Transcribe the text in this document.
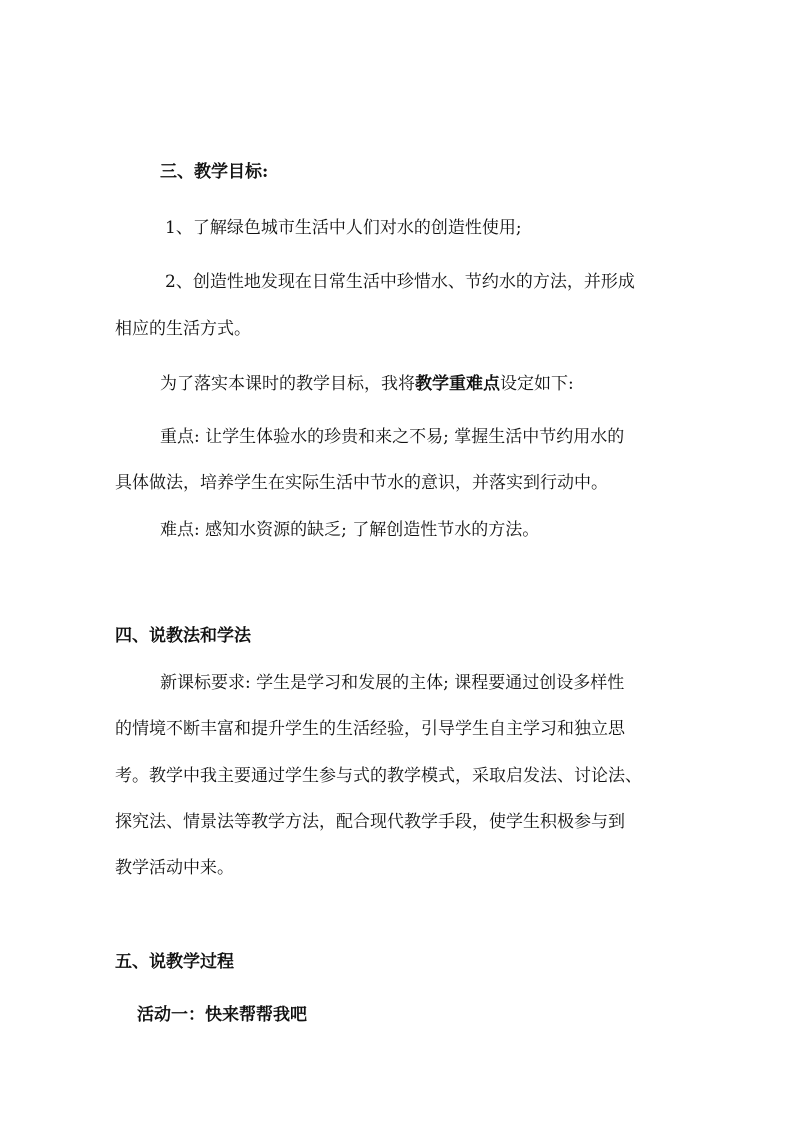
三、教学目标:
1、了解绿色城市生活中人们对水的创造性使用;
2、创造性地发现在日常生活中珍惜水、节约水的方法，并形成
相应的生活方式。
为了落实本课时的教学目标，我将教学重难点设定如下:
重点: 让学生体验水的珍贵和来之不易; 掌握生活中节约用水的
具体做法，培养学生在实际生活中节水的意识，并落实到行动中。
难点: 感知水资源的缺乏; 了解创造性节水的方法。
四、说教法和学法
新课标要求: 学生是学习和发展的主体; 课程要通过创设多样性
的情境不断丰富和提升学生的生活经验，引导学生自主学习和独立思
考。教学中我主要通过学生参与式的教学模式，采取启发法、讨论法、
探究法、情景法等教学方法，配合现代教学手段，使学生积极参与到
教学活动中来。
五、说教学过程
活动一：快来帮帮我吧
